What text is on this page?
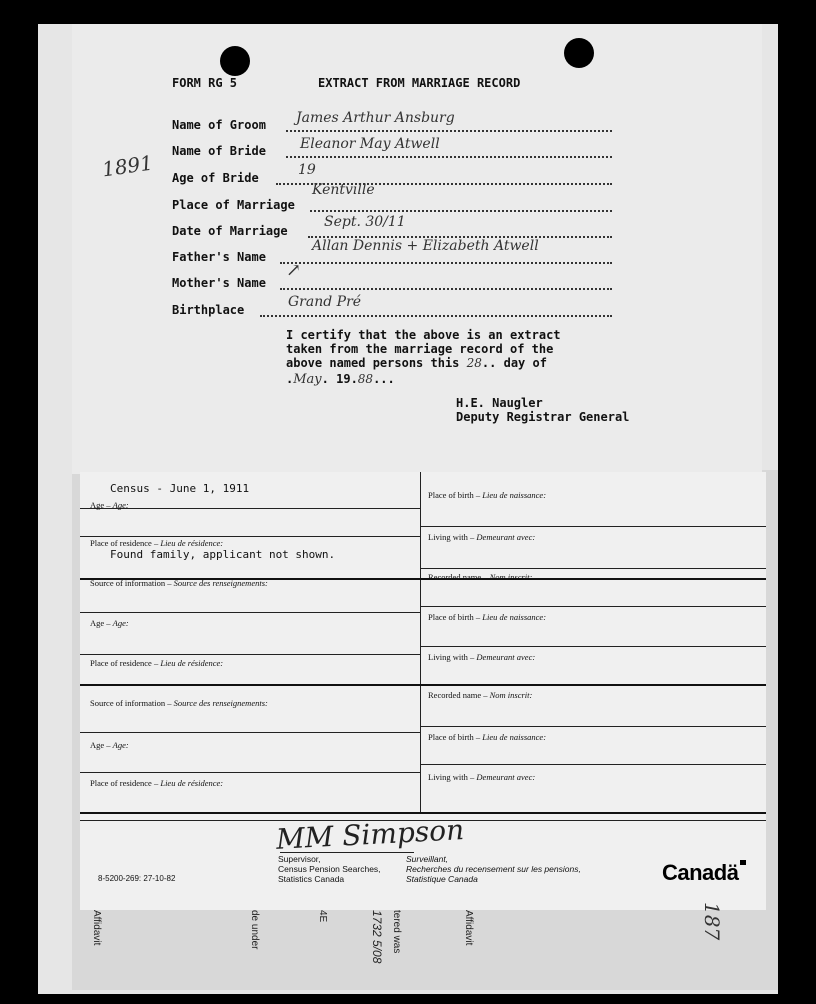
Affidavit	de under	4E	tered was
1732 5/08	Affidavit
FORM RG 5	EXTRACT FROM MARRIAGE RECORD
1891
Name of Groom James Arthur Ansburg
Name of Bride Eleanor May Atwell
Age of Bride	19
Place of Marriage
Kentville
Date of Marriage
Sept. 30/11
Father's Name
Allan Dennis + Elizabeth Atwell
Mother's Name
↗
Birthplace	Grand Pré
I certify that the above is an extract
taken from the marriage record of the
above named persons this 28.. day of
.May. 19.88...
H.E. Naugler
Deputy Registrar General
Census - June 1, 1911
Age – Age:
Place of residence – Lieu de résidence:
Found family, applicant not shown.
Source of information – Source des renseignements:
Age – Age:
Place of residence – Lieu de résidence:
Source of information – Source des renseignements:
Age – Age:
Place of residence – Lieu de résidence:
Place of birth – Lieu de naissance:
Living with – Demeurant avec:
Recorded name – Nom inscrit:
Place of birth – Lieu de naissance:
Living with – Demeurant avec:
Recorded name – Nom inscrit:
Place of birth – Lieu de naissance:
Living with – Demeurant avec:
MM Simpson
Supervisor,
Census Pension Searches,
Statistics Canada
Surveillant,
Recherches du recensement sur les pensions,
Statistique Canada
8-5200-269: 27-10-82	Canadä
187
